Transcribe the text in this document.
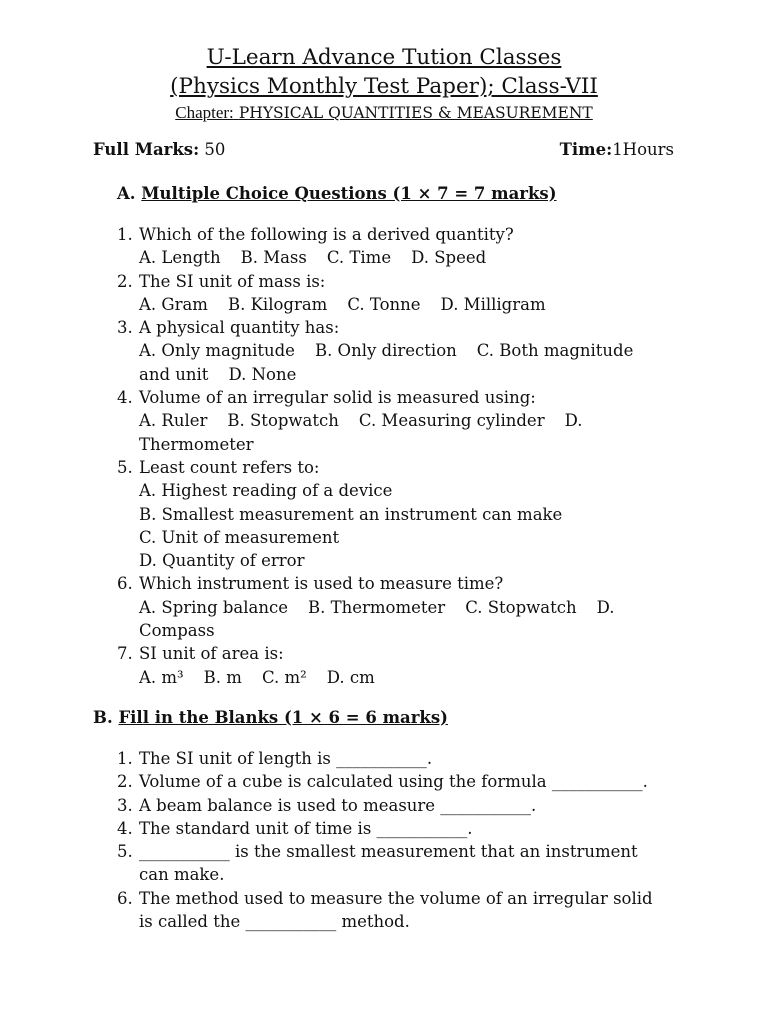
U-Learn Advance Tution Classes
(Physics Monthly Test Paper); Class-VII
Chapter: PHYSICAL QUANTITIES & MEASUREMENT
Full Marks: 50	Time:1Hours
A. Multiple Choice Questions (1 × 7 = 7 marks)
1. Which of the following is a derived quantity?
A. Length B. Mass C. Time D. Speed
2. The SI unit of mass is:
A. Gram B. Kilogram C. Tonne D. Milligram
3. A physical quantity has:
A. Only magnitude B. Only direction C. Both magnitude
and unit D. None
4. Volume of an irregular solid is measured using:
A. Ruler B. Stopwatch C. Measuring cylinder D.
Thermometer
5. Least count refers to:
A. Highest reading of a device
B. Smallest measurement an instrument can make
C. Unit of measurement
D. Quantity of error
6. Which instrument is used to measure time?
A. Spring balance B. Thermometer C. Stopwatch D.
Compass
7. SI unit of area is:
A. m³ B. m C. m² D. cm
B. Fill in the Blanks (1 × 6 = 6 marks)
1. The SI unit of length is ___________.
2. Volume of a cube is calculated using the formula ___________.
3. A beam balance is used to measure ___________.
4. The standard unit of time is ___________.
5. ___________ is the smallest measurement that an instrument
can make.
6. The method used to measure the volume of an irregular solid
is called the ___________ method.
